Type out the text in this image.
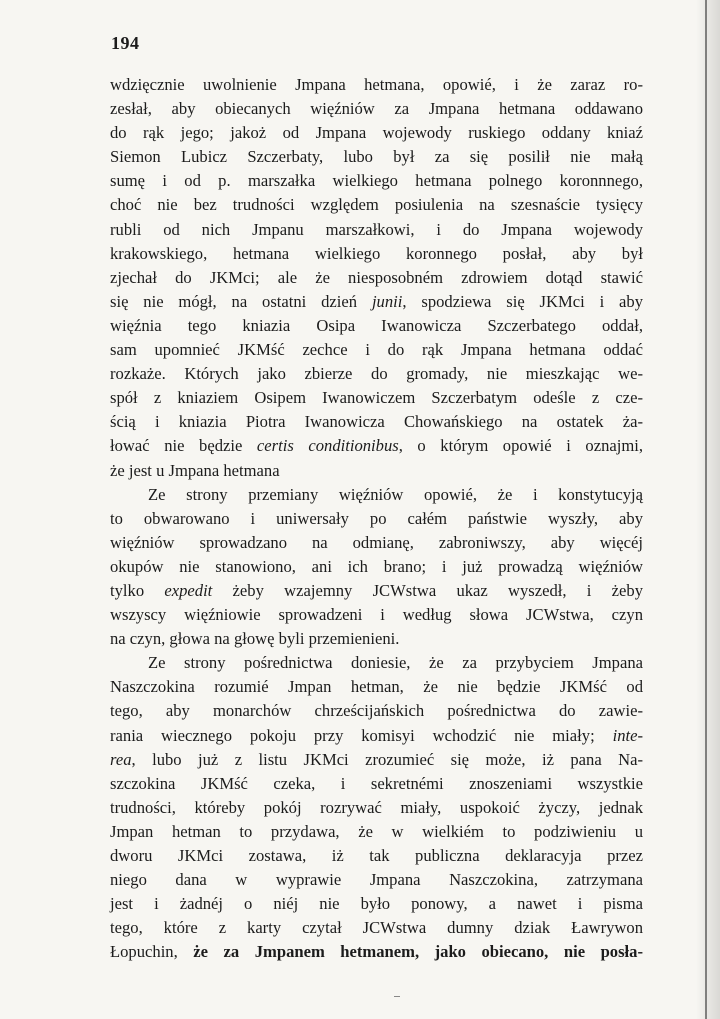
194
wdzięcznie uwolnienie Jmpana hetmana, opowié, i że zaraz ro-
zesłał, aby obiecanych więźniów za Jmpana hetmana oddawano
do rąk jego; jakoż od Jmpana wojewody ruskiego oddany kniaź
Siemon Lubicz Szczerbaty, lubo był za się posilił nie małą
sumę i od p. marszałka wielkiego hetmana polnego koronnnego,
choć nie bez trudności względem posiulenia na szesnaście tysięcy
rubli od nich Jmpanu marszałkowi, i do Jmpana wojewody
krakowskiego, hetmana wielkiego koronnego posłał, aby był
zjechał do JKMci; ale że niesposobném zdrowiem dotąd stawić
się nie mógł, na ostatni dzień junii, spodziewa się JKMci i aby
więźnia tego kniazia Osipa Iwanowicza Szczerbatego oddał,
sam upomnieć JKMść zechce i do rąk Jmpana hetmana oddać
rozkaże. Których jako zbierze do gromady, nie mieszkając we-
spół z kniaziem Osipem Iwanowiczem Szczerbatym odeśle z cze-
ścią i kniazia Piotra Iwanowicza Chowańskiego na ostatek ża-
łować nie będzie certis conditionibus, o którym opowié i oznajmi,
że jest u Jmpana hetmana
Ze strony przemiany więźniów opowié, że i konstytucyją
to obwarowano i uniwersały po całém państwie wyszły, aby
więźniów sprowadzano na odmianę, zabroniwszy, aby więcéj
okupów nie stanowiono, ani ich brano; i już prowadzą więźniów
tylko expedit żeby wzajemny JCWstwa ukaz wyszedł, i żeby
wszyscy więźniowie sprowadzeni i według słowa JCWstwa, czyn
na czyn, głowa na głowę byli przemienieni.
Ze strony pośrednictwa doniesie, że za przybyciem Jmpana
Naszczokina rozumié Jmpan hetman, że nie będzie JKMść od
tego, aby monarchów chrześcijańskich pośrednictwa do zawie-
rania wiecznego pokoju przy komisyi wchodzić nie miały; inte-
rea, lubo już z listu JKMci zrozumieć się może, iż pana Na-
szczokina JKMść czeka, i sekretnémi znoszeniami wszystkie
trudności, któreby pokój rozrywać miały, uspokoić życzy, jednak
Jmpan hetman to przydawa, że w wielkiém to podziwieniu u
dworu JKMci zostawa, iż tak publiczna deklaracyja przez
niego dana w wyprawie Jmpana Naszczokina, zatrzymana
jest i żadnéj o niéj nie było ponowy, a nawet i pisma
tego, które z karty czytał JCWstwa dumny dziak Ławrywon
Łopuchin, że za Jmpanem hetmanem, jako obiecano, nie posła-
